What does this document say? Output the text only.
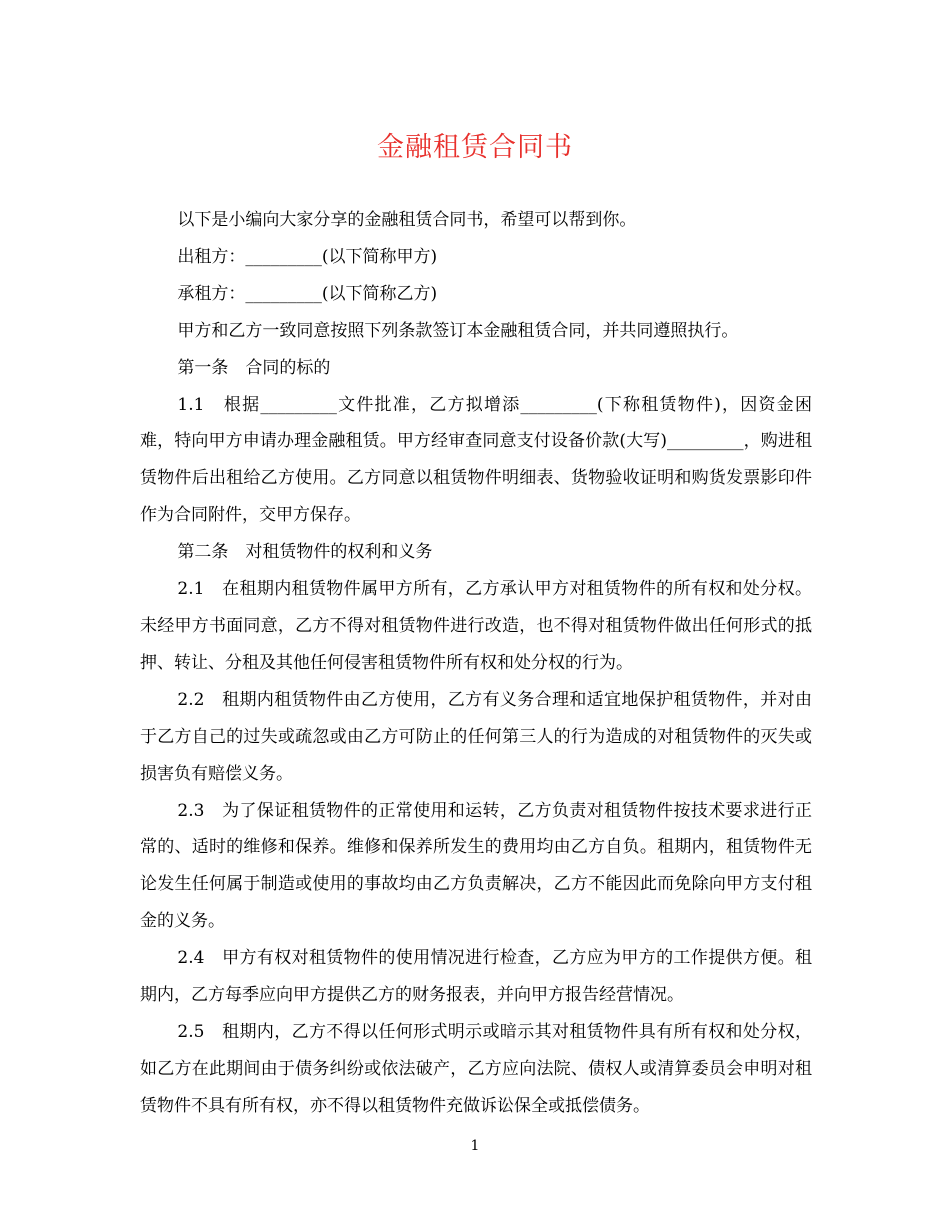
金融租赁合同书

以下是小编向大家分享的金融租赁合同书，希望可以帮到你。

出租方：_________(以下简称甲方)

承租方：_________(以下简称乙方)

甲方和乙方一致同意按照下列条款签订本金融租赁合同，并共同遵照执行。

第一条　合同的标的

1.1　根据_________文件批准，乙方拟增添_________(下称租赁物件)，因资金困难，特向甲方申请办理金融租赁。甲方经审查同意支付设备价款(大写)_________，购进租赁物件后出租给乙方使用。乙方同意以租赁物件明细表、货物验收证明和购货发票影印件作为合同附件，交甲方保存。

第二条　对租赁物件的权利和义务

2.1　在租期内租赁物件属甲方所有，乙方承认甲方对租赁物件的所有权和处分权。未经甲方书面同意，乙方不得对租赁物件进行改造，也不得对租赁物件做出任何形式的抵押、转让、分租及其他任何侵害租赁物件所有权和处分权的行为。

2.2　租期内租赁物件由乙方使用，乙方有义务合理和适宜地保护租赁物件，并对由于乙方自己的过失或疏忽或由乙方可防止的任何第三人的行为造成的对租赁物件的灭失或损害负有赔偿义务。

2.3　为了保证租赁物件的正常使用和运转，乙方负责对租赁物件按技术要求进行正常的、适时的维修和保养。维修和保养所发生的费用均由乙方自负。租期内，租赁物件无论发生任何属于制造或使用的事故均由乙方负责解决，乙方不能因此而免除向甲方支付租金的义务。

2.4　甲方有权对租赁物件的使用情况进行检查，乙方应为甲方的工作提供方便。租期内，乙方每季应向甲方提供乙方的财务报表，并向甲方报告经营情况。

2.5　租期内，乙方不得以任何形式明示或暗示其对租赁物件具有所有权和处分权，如乙方在此期间由于债务纠纷或依法破产，乙方应向法院、债权人或清算委员会申明对租赁物件不具有所有权，亦不得以租赁物件充做诉讼保全或抵偿债务。

1
